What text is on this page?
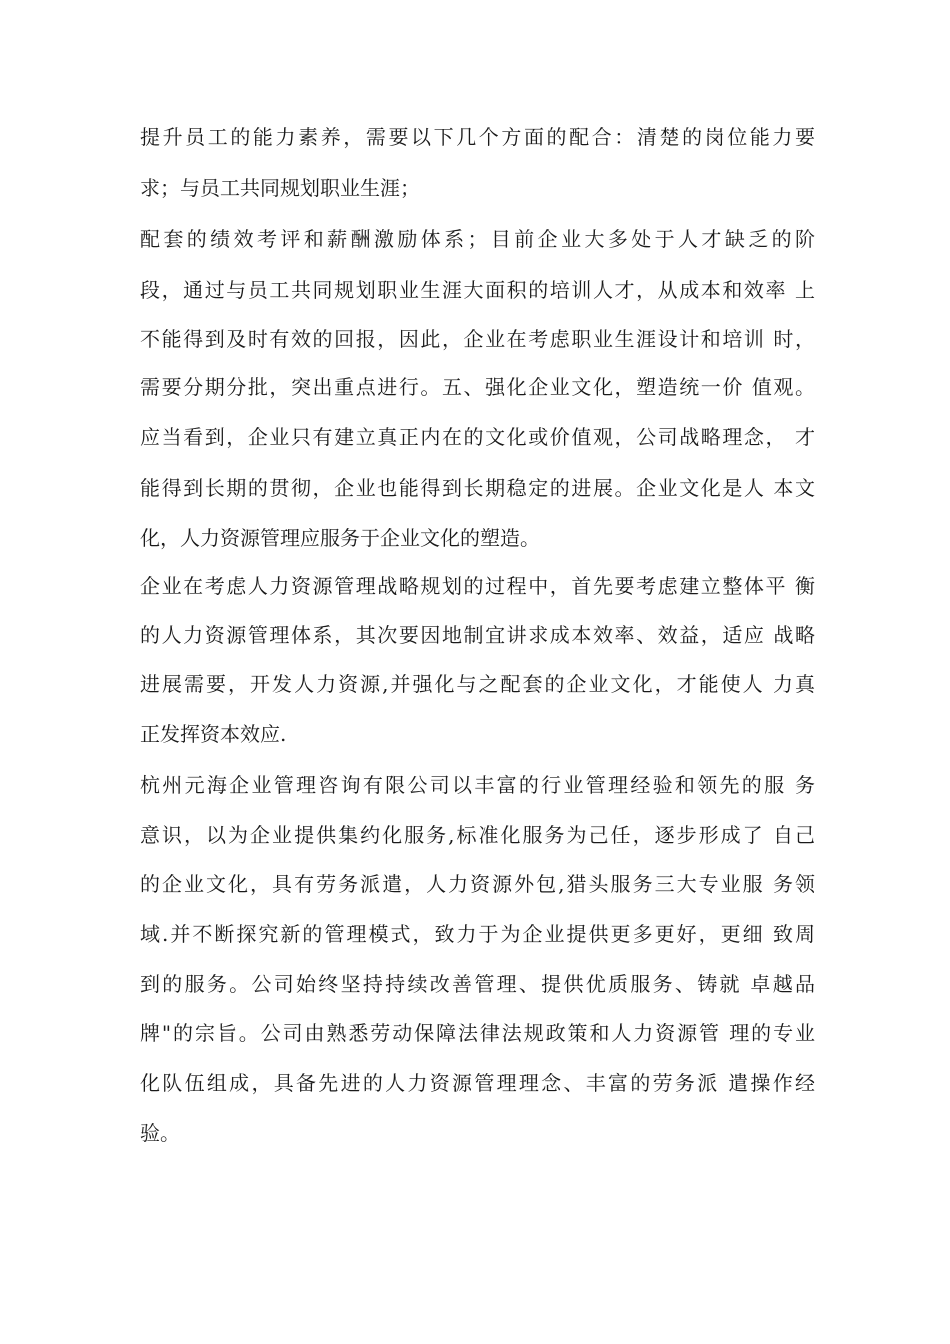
提升员工的能力素养，需要以下几个方面的配合：清楚的岗位能力要
求；与员工共同规划职业生涯；
配套的绩效考评和薪酬激励体系；目前企业大多处于人才缺乏的阶
段，通过与员工共同规划职业生涯大面积的培训人才，从成本和效率 上
不能得到及时有效的回报，因此，企业在考虑职业生涯设计和培训 时，
需要分期分批，突出重点进行。五、强化企业文化，塑造统一价 值观。
应当看到，企业只有建立真正内在的文化或价值观，公司战略理念， 才
能得到长期的贯彻，企业也能得到长期稳定的进展。企业文化是人 本文
化，人力资源管理应服务于企业文化的塑造。
企业在考虑人力资源管理战略规划的过程中，首先要考虑建立整体平 衡
的人力资源管理体系，其次要因地制宜讲求成本效率、效益，适应 战略
进展需要，开发人力资源,并强化与之配套的企业文化，才能使人 力真
正发挥资本效应.
杭州元海企业管理咨询有限公司以丰富的行业管理经验和领先的服 务
意识，以为企业提供集约化服务,标准化服务为己任，逐步形成了 自己
的企业文化，具有劳务派遣，人力资源外包,猎头服务三大专业服 务领
域.并不断探究新的管理模式，致力于为企业提供更多更好，更细 致周
到的服务。公司始终坚持持续改善管理、提供优质服务、铸就 卓越品
牌"的宗旨。公司由熟悉劳动保障法律法规政策和人力资源管 理的专业
化队伍组成，具备先进的人力资源管理理念、丰富的劳务派 遣操作经
验。
